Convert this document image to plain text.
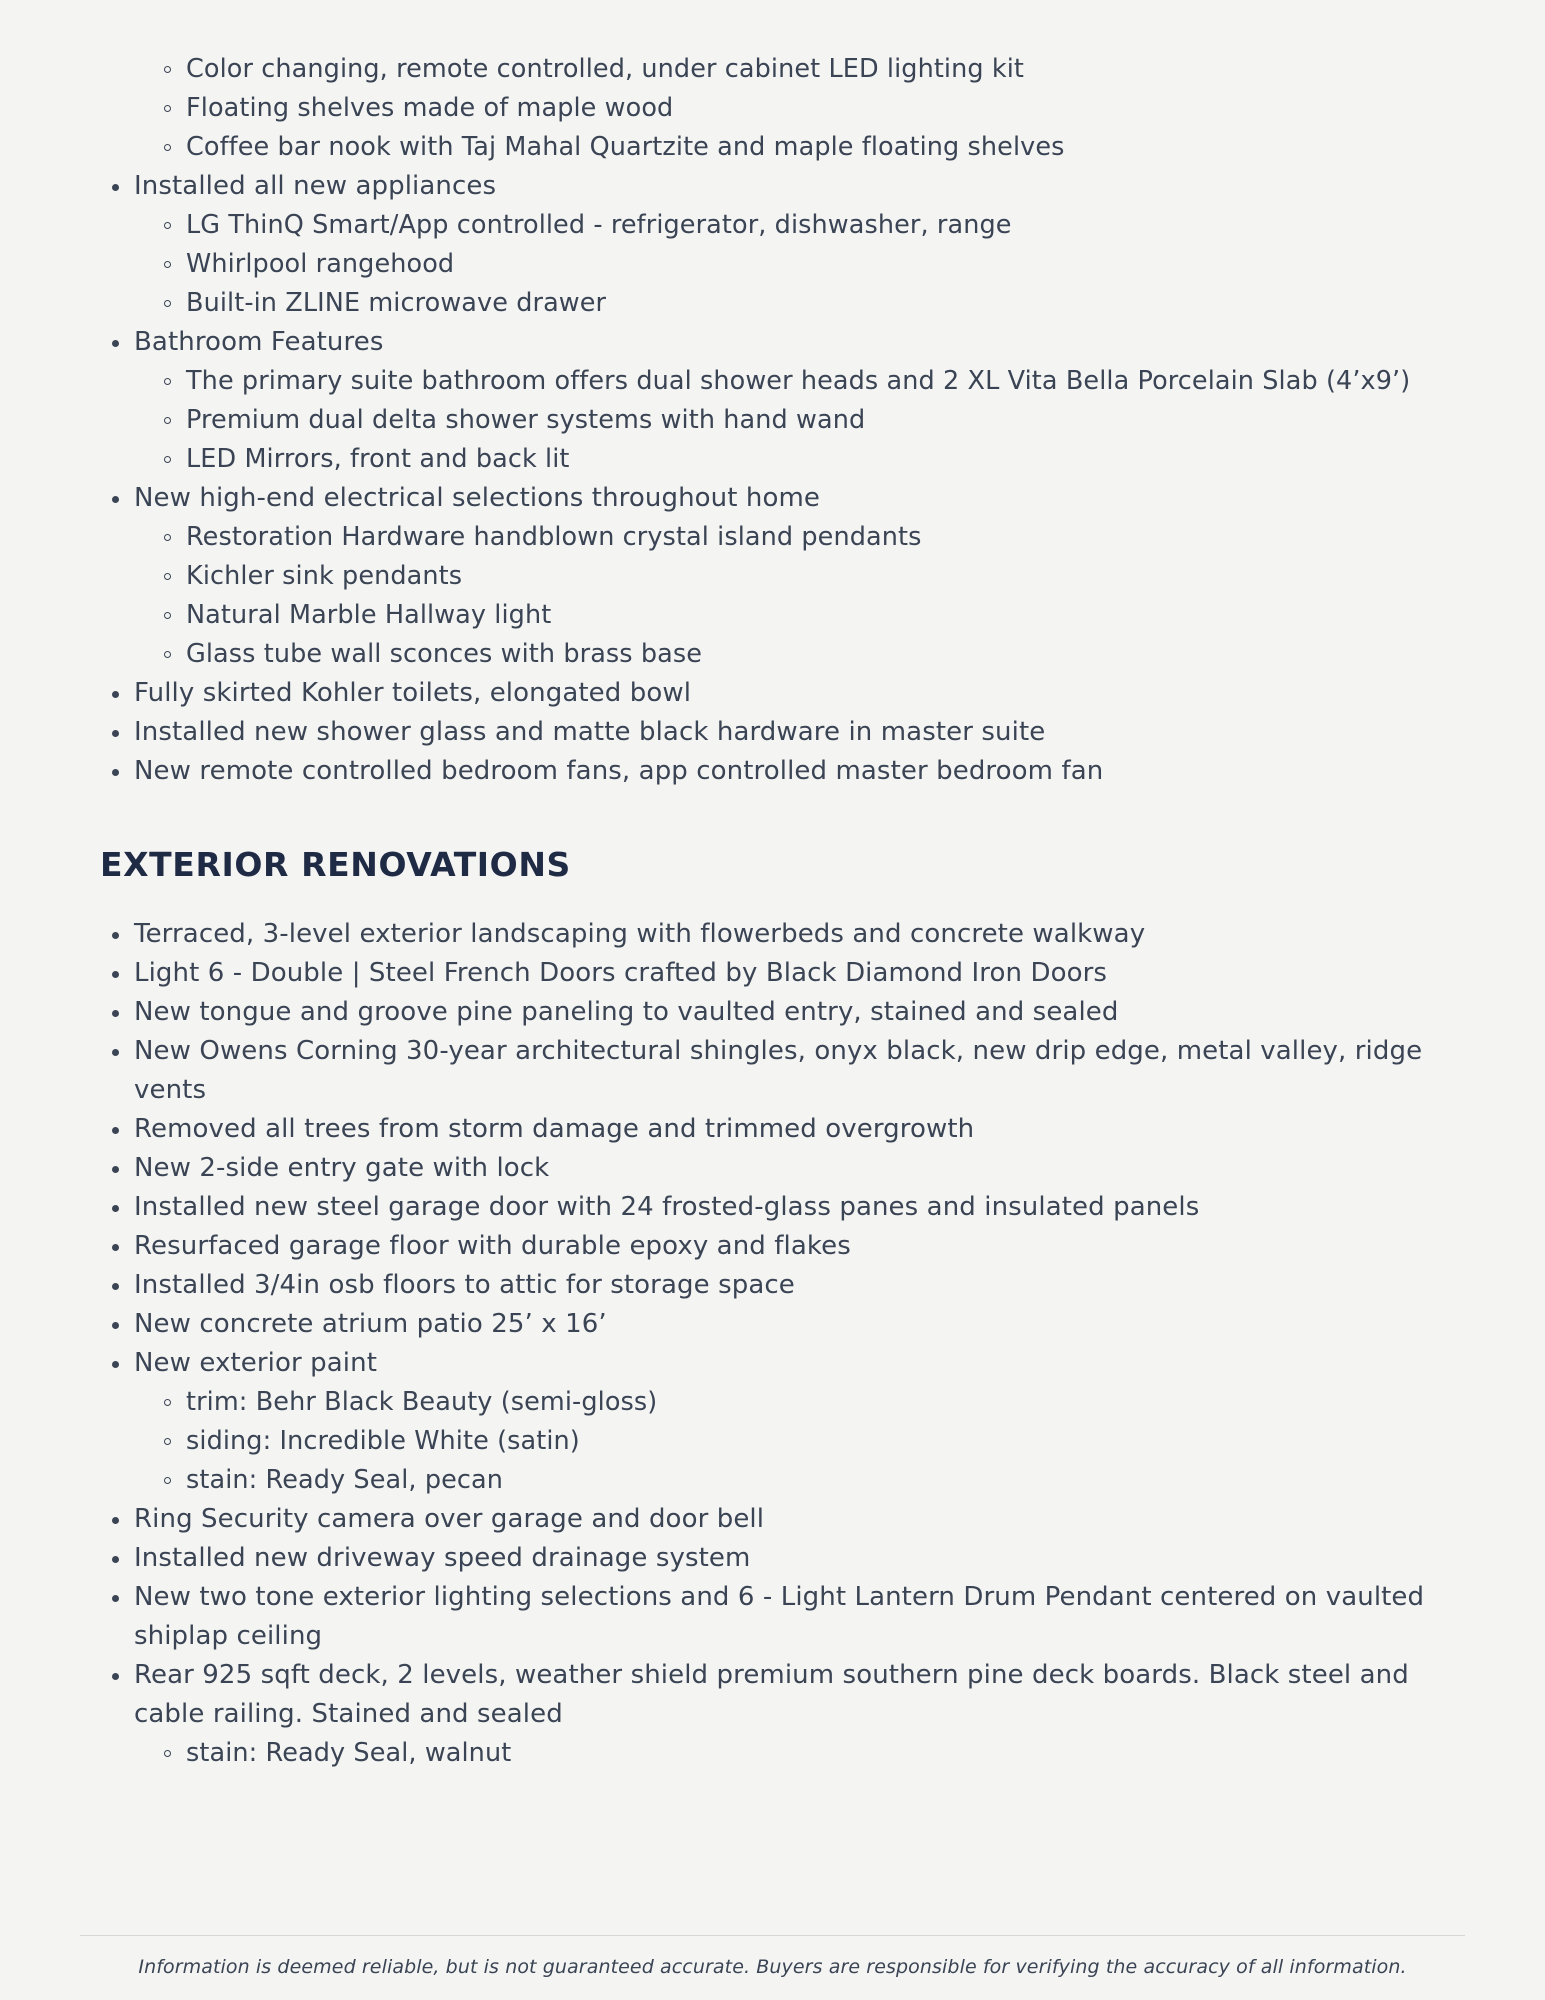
Color changing, remote controlled, under cabinet LED lighting kit
Floating shelves made of maple wood
Coffee bar nook with Taj Mahal Quartzite and maple floating shelves
Installed all new appliances
LG ThinQ Smart/App controlled - refrigerator, dishwasher, range
Whirlpool rangehood
Built-in ZLINE microwave drawer
Bathroom Features
The primary suite bathroom offers dual shower heads and 2 XL Vita Bella Porcelain Slab (4’x9’)
Premium dual delta shower systems with hand wand
LED Mirrors, front and back lit
New high-end electrical selections throughout home
Restoration Hardware handblown crystal island pendants
Kichler sink pendants
Natural Marble Hallway light
Glass tube wall sconces with brass base
Fully skirted Kohler toilets, elongated bowl
Installed new shower glass and matte black hardware in master suite
New remote controlled bedroom fans, app controlled master bedroom fan
EXTERIOR RENOVATIONS
Terraced, 3-level exterior landscaping with flowerbeds and concrete walkway
Light 6 - Double | Steel French Doors crafted by Black Diamond Iron Doors
New tongue and groove pine paneling to vaulted entry, stained and sealed
New Owens Corning 30-year architectural shingles, onyx black, new drip edge, metal valley, ridge vents
Removed all trees from storm damage and trimmed overgrowth
New 2-side entry gate with lock
Installed new steel garage door with 24 frosted-glass panes and insulated panels
Resurfaced garage floor with durable epoxy and flakes
Installed 3/4in osb floors to attic for storage space
New concrete atrium patio 25’ x 16’
New exterior paint
trim: Behr Black Beauty (semi-gloss)
siding: Incredible White (satin)
stain: Ready Seal, pecan
Ring Security camera over garage and door bell
Installed new driveway speed drainage system
New two tone exterior lighting selections and 6 - Light Lantern Drum Pendant centered on vaulted shiplap ceiling
Rear 925 sqft deck, 2 levels, weather shield premium southern pine deck boards. Black steel and cable railing. Stained and sealed
stain: Ready Seal, walnut
Information is deemed reliable, but is not guaranteed accurate. Buyers are responsible for verifying the accuracy of all information.
